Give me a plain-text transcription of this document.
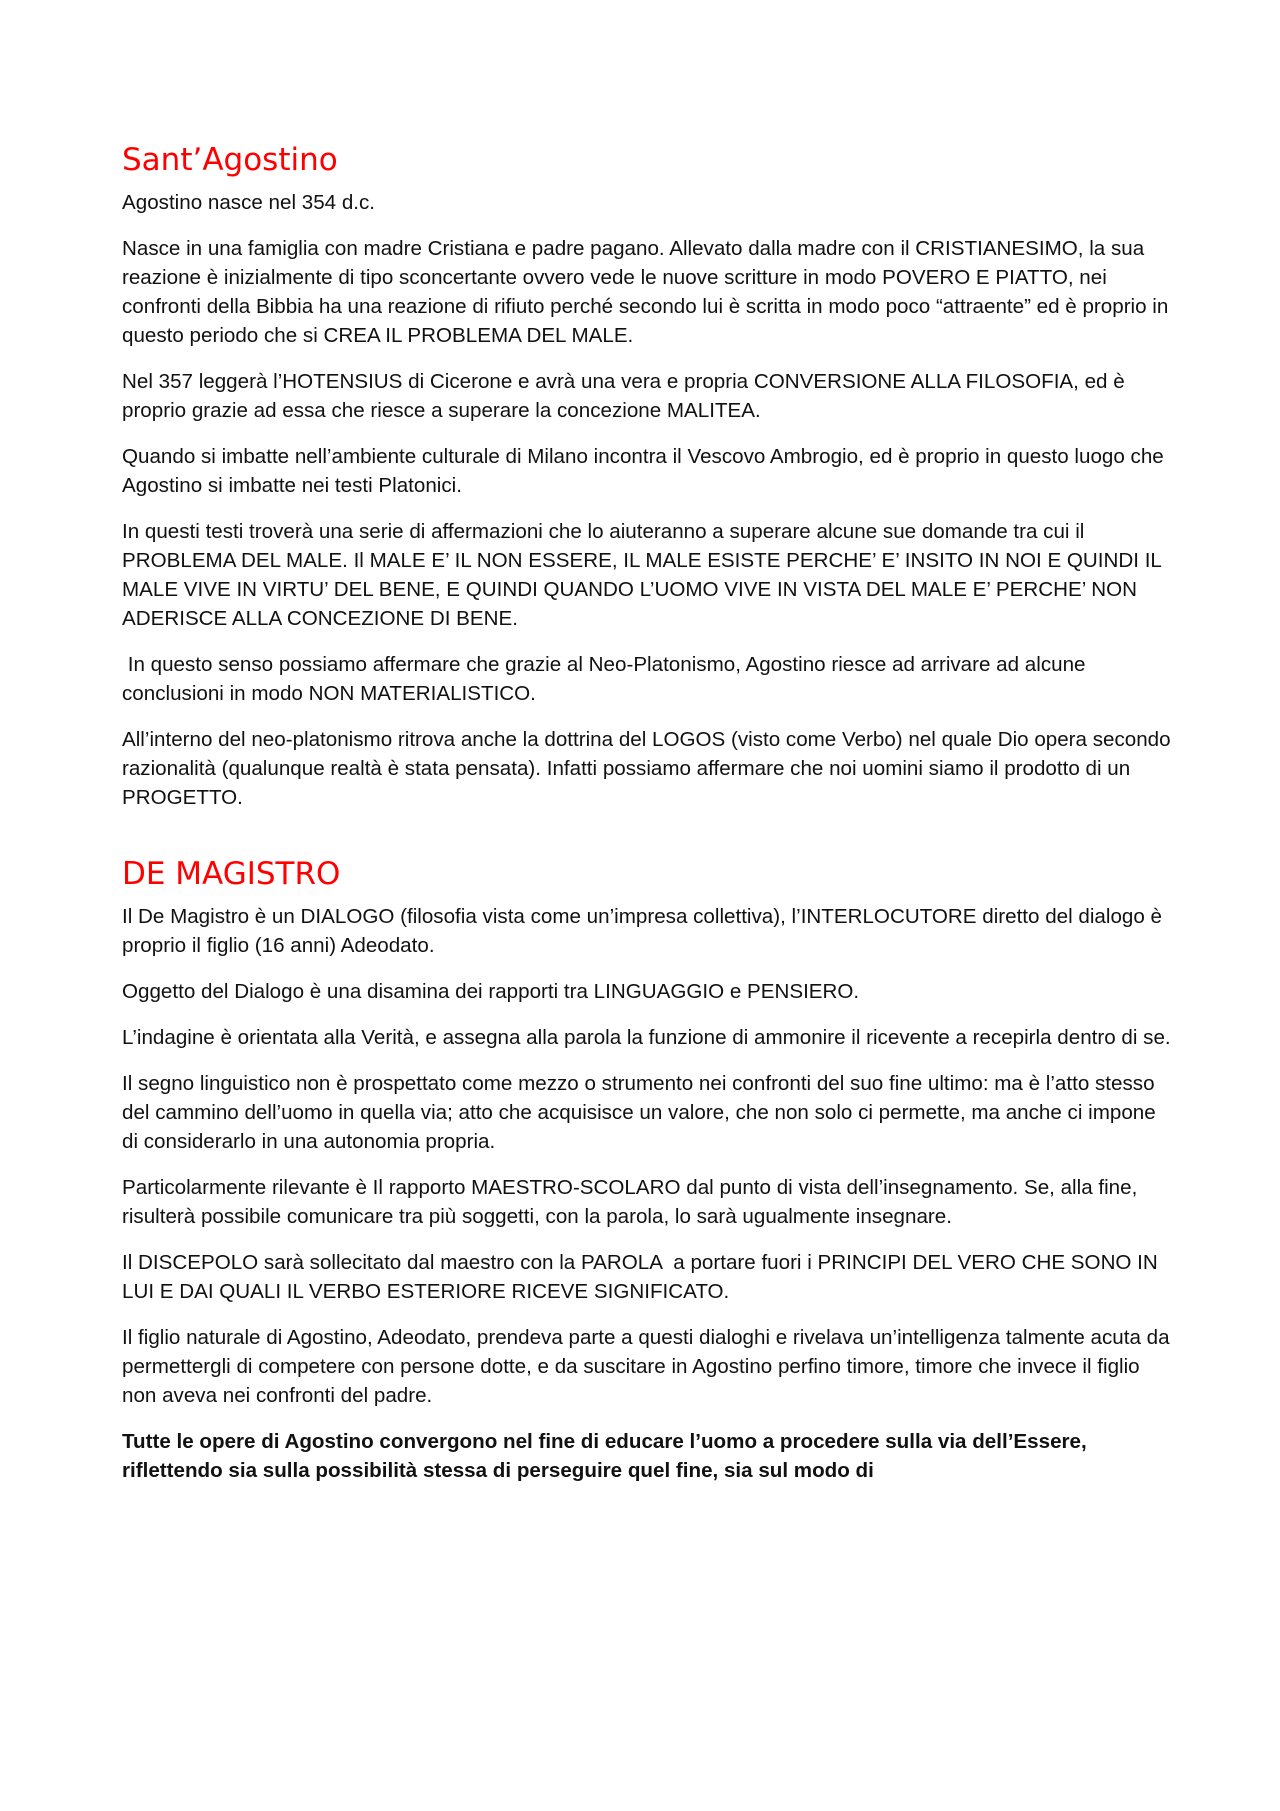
Sant’Agostino

Agostino nasce nel 354 d.c.

Nasce in una famiglia con madre Cristiana e padre pagano. Allevato dalla madre con il CRISTIANESIMO, la sua reazione è inizialmente di tipo sconcertante ovvero vede le nuove scritture in modo POVERO E PIATTO, nei confronti della Bibbia ha una reazione di rifiuto perché secondo lui è scritta in modo poco “attraente” ed è proprio in questo periodo che si CREA IL PROBLEMA DEL MALE.

Nel 357 leggerà l’HOTENSIUS di Cicerone e avrà una vera e propria CONVERSIONE ALLA FILOSOFIA, ed è proprio grazie ad essa che riesce a superare la concezione MALITEA.

Quando si imbatte nell’ambiente culturale di Milano incontra il Vescovo Ambrogio, ed è proprio in questo luogo che Agostino si imbatte nei testi Platonici.

In questi testi troverà una serie di affermazioni che lo aiuteranno a superare alcune sue domande tra cui il PROBLEMA DEL MALE. Il MALE E’ IL NON ESSERE, IL MALE ESISTE PERCHE’ E’ INSITO IN NOI E QUINDI IL MALE VIVE IN VIRTU’ DEL BENE, E QUINDI QUANDO L’UOMO VIVE IN VISTA DEL MALE E’ PERCHE’ NON ADERISCE ALLA CONCEZIONE DI BENE.

In questo senso possiamo affermare che grazie al Neo-Platonismo, Agostino riesce ad arrivare ad alcune conclusioni in modo NON MATERIALISTICO.

All’interno del neo-platonismo ritrova anche la dottrina del LOGOS (visto come Verbo) nel quale Dio opera secondo razionalità (qualunque realtà è stata pensata). Infatti possiamo affermare che noi uomini siamo il prodotto di un PROGETTO.

DE MAGISTRO

Il De Magistro è un DIALOGO (filosofia vista come un’impresa collettiva), l’INTERLOCUTORE diretto del dialogo è proprio il figlio (16 anni) Adeodato.

Oggetto del Dialogo è una disamina dei rapporti tra LINGUAGGIO e PENSIERO.

L’indagine è orientata alla Verità, e assegna alla parola la funzione di ammonire il ricevente a recepirla dentro di se.

Il segno linguistico non è prospettato come mezzo o strumento nei confronti del suo fine ultimo: ma è l’atto stesso del cammino dell’uomo in quella via; atto che acquisisce un valore, che non solo ci permette, ma anche ci impone di considerarlo in una autonomia propria.

Particolarmente rilevante è Il rapporto MAESTRO-SCOLARO dal punto di vista dell’insegnamento. Se, alla fine, risulterà possibile comunicare tra più soggetti, con la parola, lo sarà ugualmente insegnare.

Il DISCEPOLO sarà sollecitato dal maestro con la PAROLA  a portare fuori i PRINCIPI DEL VERO CHE SONO IN LUI E DAI QUALI IL VERBO ESTERIORE RICEVE SIGNIFICATO.

Il figlio naturale di Agostino, Adeodato, prendeva parte a questi dialoghi e rivelava un’intelligenza talmente acuta da permettergli di competere con persone dotte, e da suscitare in Agostino perfino timore, timore che invece il figlio non aveva nei confronti del padre.

Tutte le opere di Agostino convergono nel fine di educare l’uomo a procedere sulla via dell’Essere, riflettendo sia sulla possibilità stessa di perseguire quel fine, sia sul modo di
